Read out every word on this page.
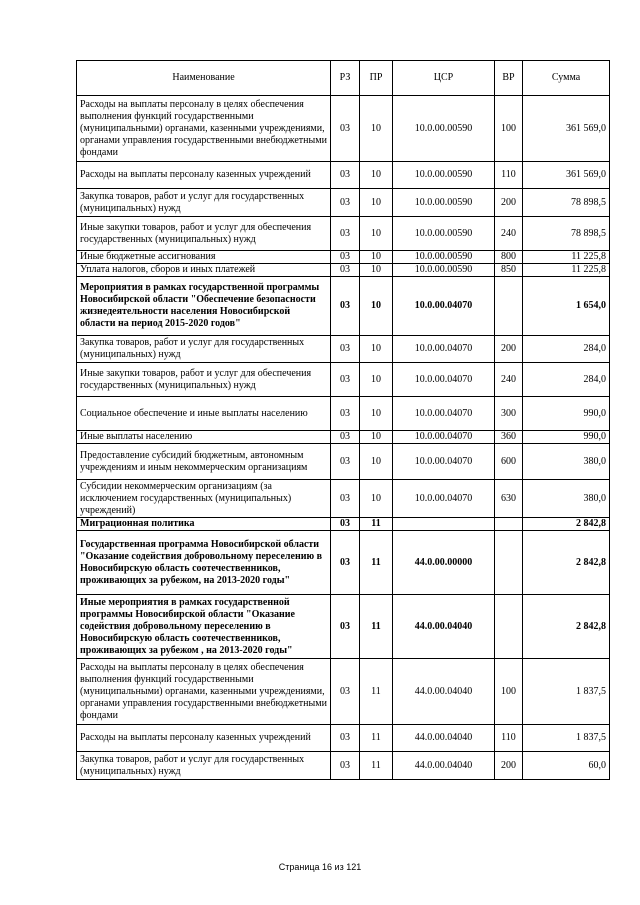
Наименование	РЗ	ПР	ЦСР	ВР	Сумма
Расходы на выплаты персоналу в целях обеспечения выполнения функций государственными (муниципальными) органами, казенными учреждениями, органами управления государственными внебюджетными фондами	03	10	10.0.00.00590	100	361 569,0
Расходы на выплаты персоналу казенных учреждений	03	10	10.0.00.00590	110	361 569,0
Закупка товаров, работ и услуг для государственных (муниципальных) нужд	03	10	10.0.00.00590	200	78 898,5
Иные закупки товаров, работ и услуг для обеспечения государственных (муниципальных) нужд	03	10	10.0.00.00590	240	78 898,5
Иные бюджетные ассигнования	03	10	10.0.00.00590	800	11 225,8
Уплата налогов, сборов и иных платежей	03	10	10.0.00.00590	850	11 225,8
Мероприятия в рамках государственной программы Новосибирской области "Обеспечение безопасности жизнедеятельности населения Новосибирской области на период 2015-2020 годов"	03	10	10.0.00.04070		1 654,0
Закупка товаров, работ и услуг для государственных (муниципальных) нужд	03	10	10.0.00.04070	200	284,0
Иные закупки товаров, работ и услуг для обеспечения государственных (муниципальных) нужд	03	10	10.0.00.04070	240	284,0
Социальное обеспечение и иные выплаты населению	03	10	10.0.00.04070	300	990,0
Иные выплаты населению	03	10	10.0.00.04070	360	990,0
Предоставление субсидий бюджетным, автономным учреждениям и иным некоммерческим организациям	03	10	10.0.00.04070	600	380,0
Субсидии некоммерческим организациям (за исключением государственных (муниципальных) учреждений)	03	10	10.0.00.04070	630	380,0
Миграционная политика	03	11			2 842,8
Государственная программа Новосибирской области "Оказание содействия добровольному переселению в Новосибирскую область соотечественников, проживающих за рубежом, на 2013-2020 годы"	03	11	44.0.00.00000		2 842,8
Иные мероприятия в рамках государственной программы Новосибирской области "Оказание содействия добровольному переселению в Новосибирскую область соотечественников, проживающих за рубежом , на 2013-2020 годы"	03	11	44.0.00.04040		2 842,8
Расходы на выплаты персоналу в целях обеспечения выполнения функций государственными (муниципальными) органами, казенными учреждениями, органами управления государственными внебюджетными фондами	03	11	44.0.00.04040	100	1 837,5
Расходы на выплаты персоналу казенных учреждений	03	11	44.0.00.04040	110	1 837,5
Закупка товаров, работ и услуг для государственных (муниципальных) нужд	03	11	44.0.00.04040	200	60,0
Страница 16 из 121
